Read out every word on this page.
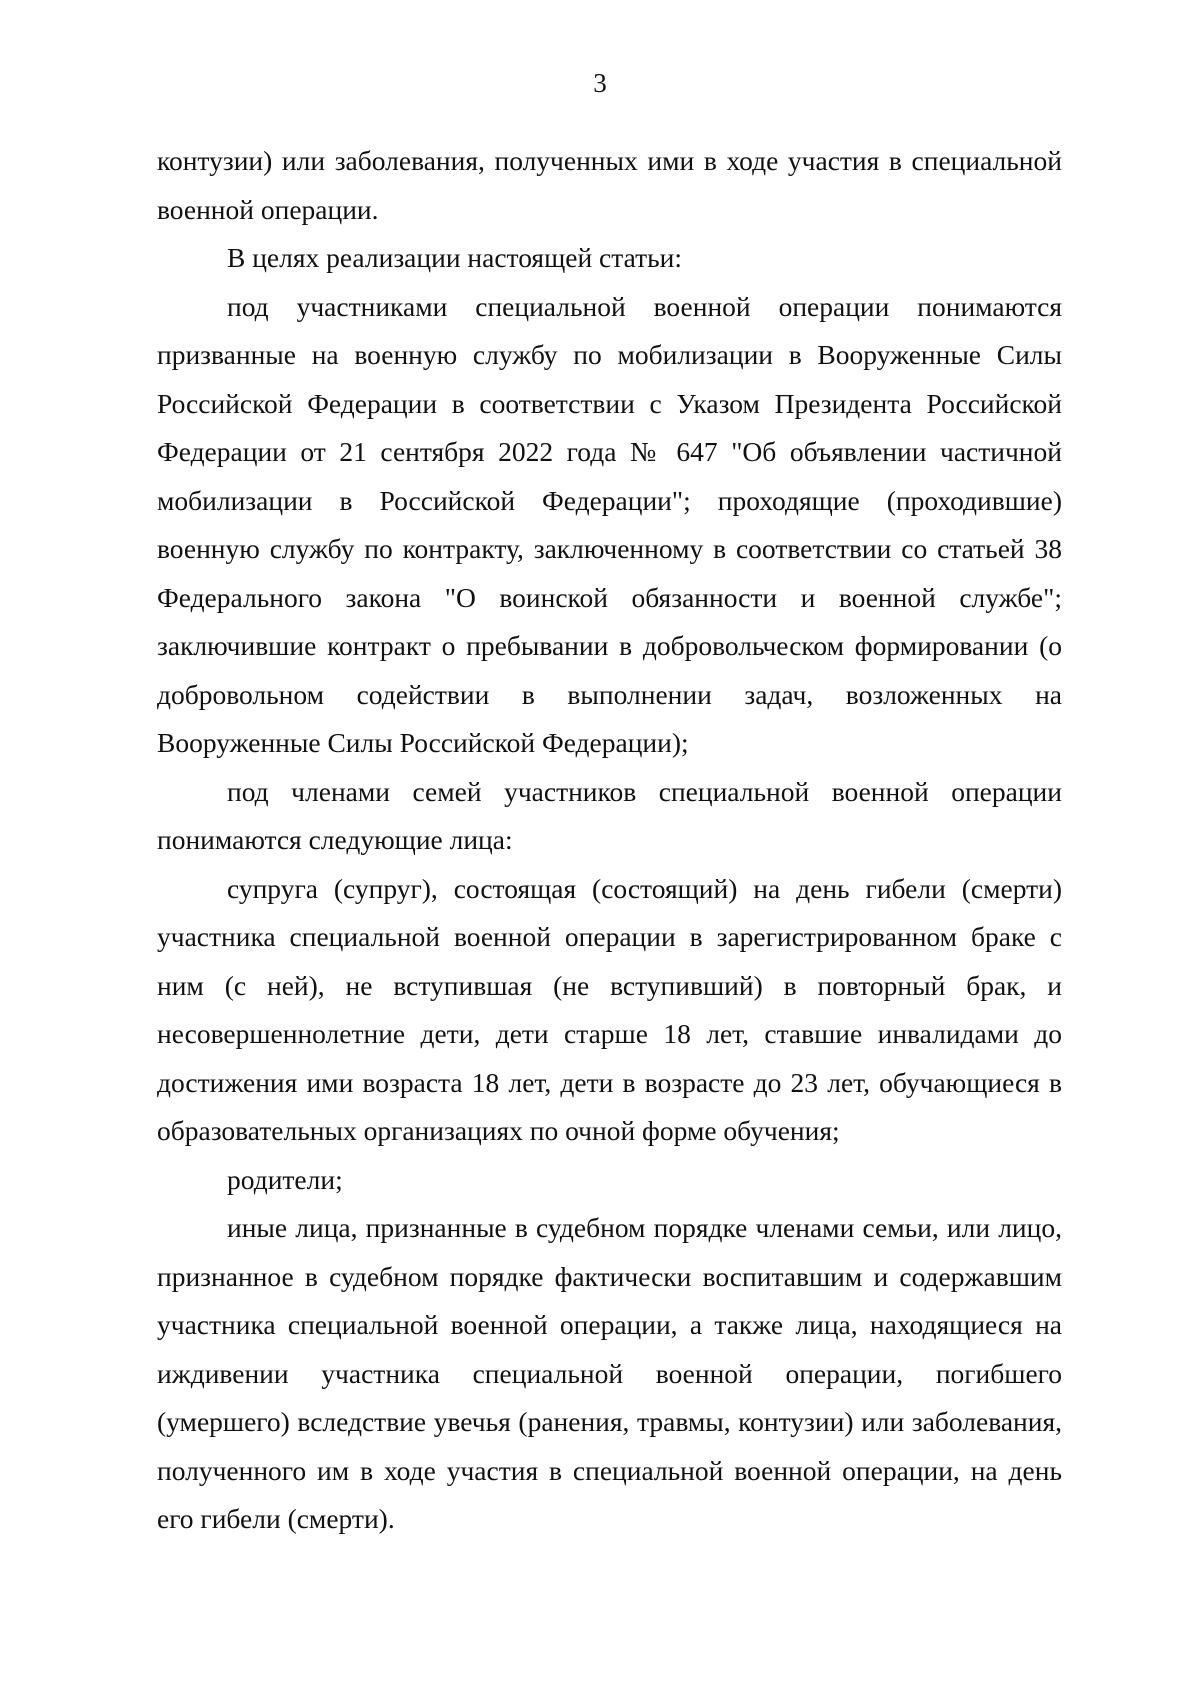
3

контузии) или заболевания, полученных ими в ходе участия в специальной военной операции.

В целях реализации настоящей статьи:

под участниками специальной военной операции понимаются призванные на военную службу по мобилизации в Вооруженные Силы Российской Федерации в соответствии с Указом Президента Российской Федерации от 21 сентября 2022 года № 647 "Об объявлении частичной мобилизации в Российской Федерации"; проходящие (проходившие) военную службу по контракту, заключенному в соответствии со статьей 38 Федерального закона "О воинской обязанности и военной службе"; заключившие контракт о пребывании в добровольческом формировании (о добровольном содействии в выполнении задач, возложенных на Вооруженные Силы Российской Федерации);

под членами семей участников специальной военной операции понимаются следующие лица:

супруга (супруг), состоящая (состоящий) на день гибели (смерти) участника специальной военной операции в зарегистрированном браке с ним (с ней), не вступившая (не вступивший) в повторный брак, и несовершеннолетние дети, дети старше 18 лет, ставшие инвалидами до достижения ими возраста 18 лет, дети в возрасте до 23 лет, обучающиеся в образовательных организациях по очной форме обучения;

родители;

иные лица, признанные в судебном порядке членами семьи, или лицо, признанное в судебном порядке фактически воспитавшим и содержавшим участника специальной военной операции, а также лица, находящиеся на иждивении участника специальной военной операции, погибшего (умершего) вследствие увечья (ранения, травмы, контузии) или заболевания, полученного им в ходе участия в специальной военной операции, на день его гибели (смерти).
